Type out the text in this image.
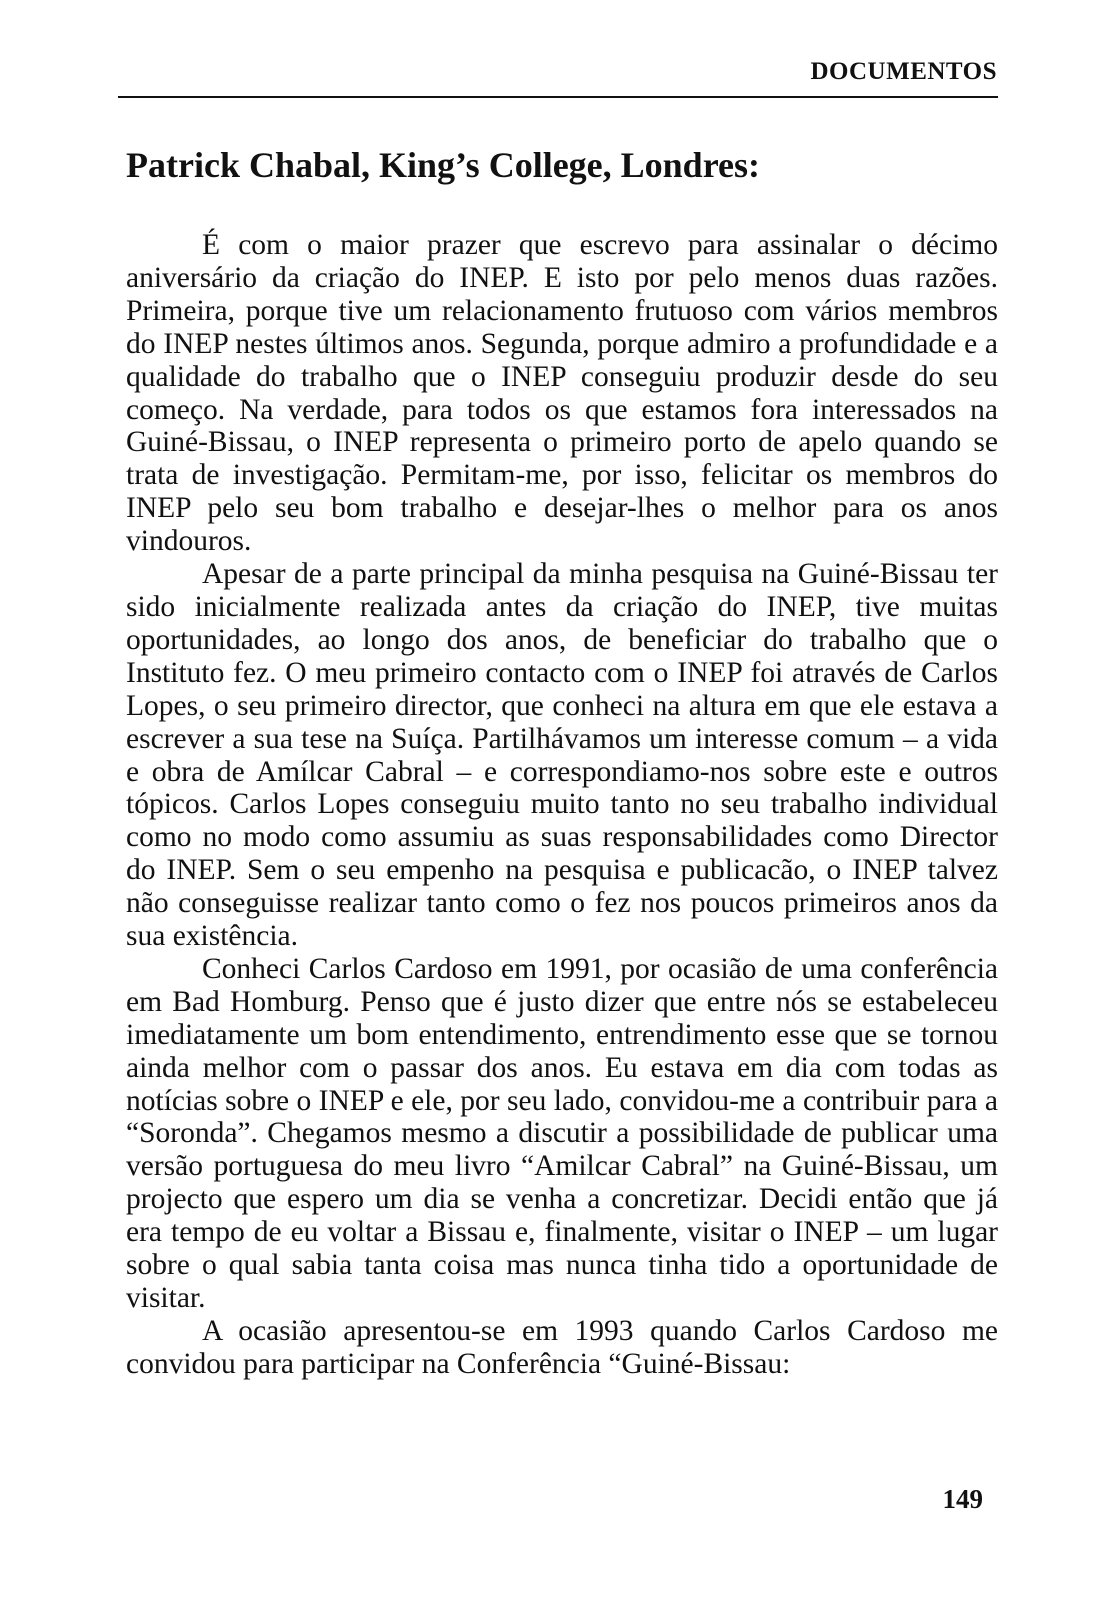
DOCUMENTOS
Patrick Chabal, King’s College, Londres:

É com o maior prazer que escrevo para assinalar o décimo aniversário da criação do INEP. E isto por pelo menos duas razões. Primeira, porque tive um relacionamento frutuoso com vários membros do INEP nestes últimos anos. Segunda, porque admiro a profundidade e a qualidade do trabalho que o INEP conseguiu produzir desde do seu começo. Na verdade, para todos os que estamos fora interessados na Guiné-Bissau, o INEP representa o primeiro porto de apelo quando se trata de investigação. Permitam-me, por isso, felicitar os membros do INEP pelo seu bom trabalho e desejar-lhes o melhor para os anos vindouros.

Apesar de a parte principal da minha pesquisa na Guiné-Bissau ter sido inicialmente realizada antes da criação do INEP, tive muitas oportunidades, ao longo dos anos, de beneficiar do trabalho que o Instituto fez. O meu primeiro contacto com o INEP foi através de Carlos Lopes, o seu primeiro director, que conheci na altura em que ele estava a escrever a sua tese na Suíça. Partilhávamos um interesse comum – a vida e obra de Amílcar Cabral – e correspondiamo-nos sobre este e outros tópicos. Carlos Lopes conseguiu muito tanto no seu trabalho individual como no modo como assumiu as suas responsabilidades como Director do INEP. Sem o seu empenho na pesquisa e publicacão, o INEP talvez não conseguisse realizar tanto como o fez nos poucos primeiros anos da sua existência.

Conheci Carlos Cardoso em 1991, por ocasião de uma conferência em Bad Homburg. Penso que é justo dizer que entre nós se estabeleceu imediatamente um bom entendimento, entrendimento esse que se tornou ainda melhor com o passar dos anos. Eu estava em dia com todas as notícias sobre o INEP e ele, por seu lado, convidou-me a contribuir para a “Soronda”. Chegamos mesmo a discutir a possibilidade de publicar uma versão portuguesa do meu livro “Amilcar Cabral” na Guiné-Bissau, um projecto que espero um dia se venha a concretizar. Decidi então que já era tempo de eu voltar a Bissau e, finalmente, visitar o INEP – um lugar sobre o qual sabia tanta coisa mas nunca tinha tido a oportunidade de visitar.

A ocasião apresentou-se em 1993 quando Carlos Cardoso me convidou para participar na Conferência “Guiné-Bissau:

149
